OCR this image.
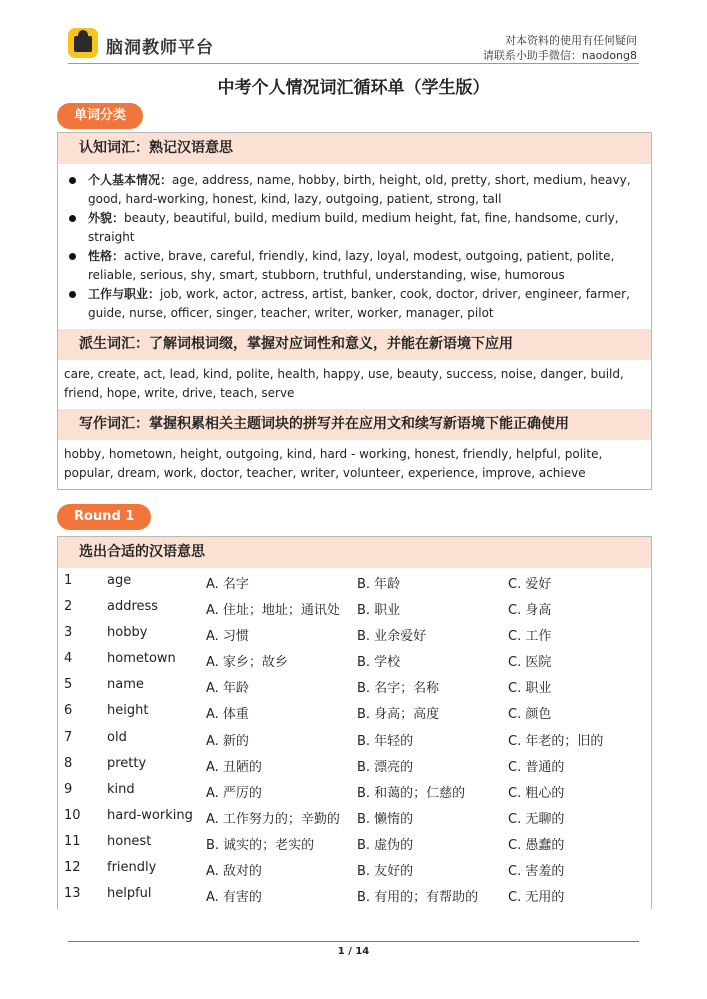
脑洞教师平台	对本资料的使用有任何疑问
请联系小助手微信：naodong8
中考个人情况词汇循环单（学生版）
单词分类
认知词汇：熟记汉语意思
个人基本情况：age, address, name, hobby, birth, height, old, pretty, short, medium, heavy, good, hard-working, honest, kind, lazy, outgoing, patient, strong, tall
外貌：beauty, beautiful, build, medium build, medium height, fat, fine, handsome, curly, straight
性格：active, brave, careful, friendly, kind, lazy, loyal, modest, outgoing, patient, polite, reliable, serious, shy, smart, stubborn, truthful, understanding, wise, humorous
工作与职业：job, work, actor, actress, artist, banker, cook, doctor, driver, engineer, farmer, guide, nurse, officer, singer, teacher, writer, worker, manager, pilot
派生词汇：了解词根词缀，掌握对应词性和意义，并能在新语境下应用
care, create, act, lead, kind, polite, health, happy, use, beauty, success, noise, danger, build, friend, hope, write, drive, teach, serve
写作词汇：掌握积累相关主题词块的拼写并在应用文和续写新语境下能正确使用
hobby, hometown, height, outgoing, kind, hard - working, honest, friendly, helpful, polite, popular, dream, work, doctor, teacher, writer, volunteer, experience, improve, achieve
Round 1
选出合适的汉语意思
1	age	A. 名字	B. 年龄	C. 爱好
2	address	A. 住址；地址；通讯处 B. 职业	C. 身高
3	hobby	A. 习惯	B. 业余爱好	C. 工作
4	hometown A. 家乡；故乡	B. 学校	C. 医院
5	name	A. 年龄	B. 名字；名称	C. 职业
6	height	A. 体重	B. 身高；高度	C. 颜色
7	old	A. 新的	B. 年轻的	C. 年老的；旧的
8	pretty	A. 丑陋的	B. 漂亮的	C. 普通的
9	kind	A. 严厉的	B. 和蔼的；仁慈的	C. 粗心的
10 hard-working A. 工作努力的；辛勤的 B. 懒惰的	C. 无聊的
11 honest	B. 诚实的；老实的	B. 虚伪的	C. 愚蠢的
12 friendly	A. 敌对的	B. 友好的	C. 害羞的
13 helpful	A. 有害的	B. 有用的；有帮助的 C. 无用的
1 / 14
